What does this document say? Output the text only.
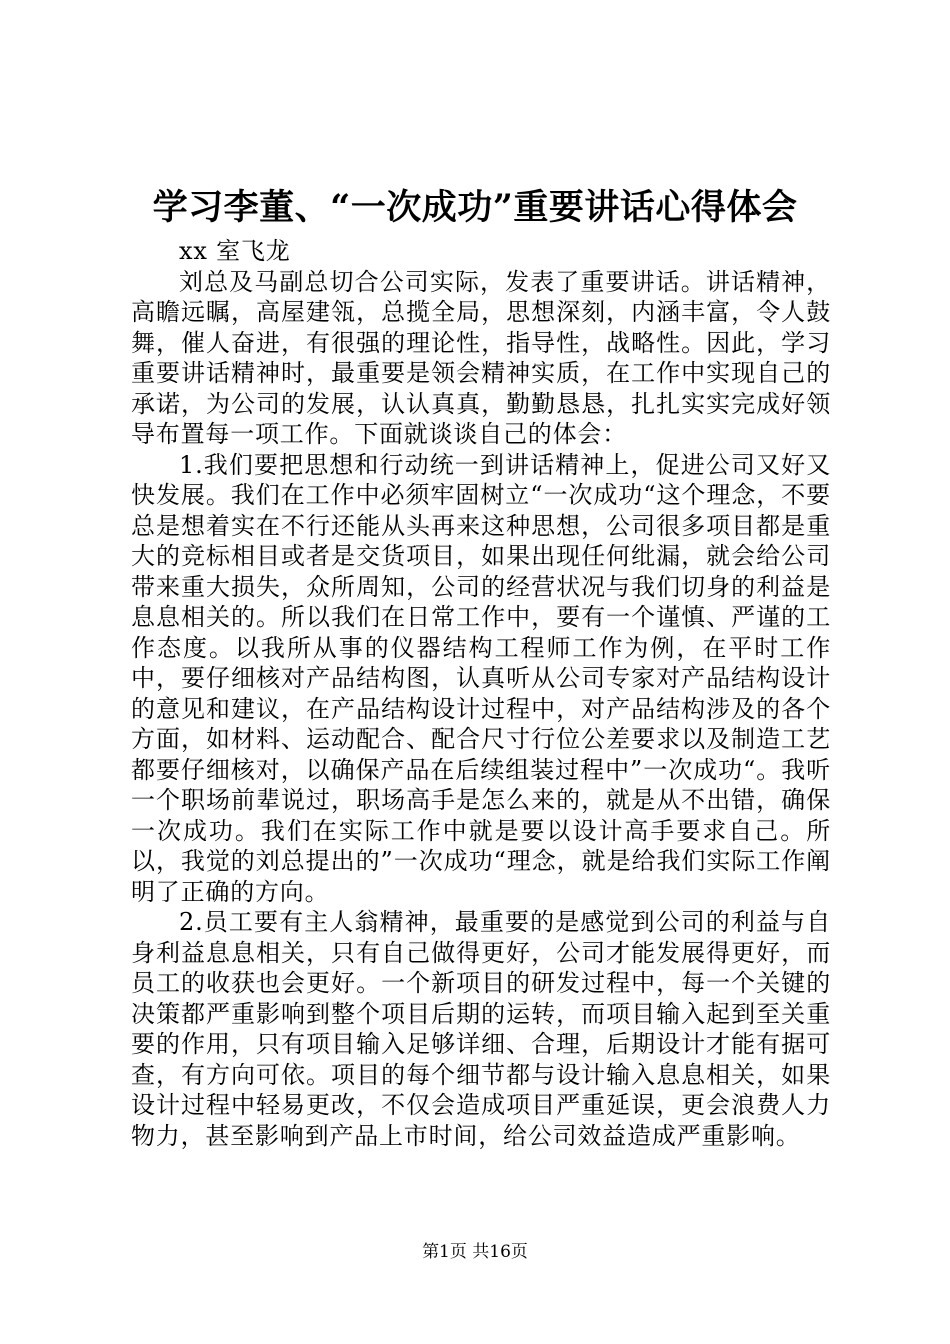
学习李董、“一次成功”重要讲话心得体会
xx 室飞龙

刘总及马副总切合公司实际，发表了重要讲话。讲话精神，高瞻远瞩，高屋建瓴，总揽全局，思想深刻，内涵丰富，令人鼓舞，催人奋进，有很强的理论性，指导性，战略性。因此，学习重要讲话精神时，最重要是领会精神实质，在工作中实现自己的承诺，为公司的发展，认认真真，勤勤恳恳，扎扎实实完成好领导布置每一项工作。下面就谈谈自己的体会：

1.我们要把思想和行动统一到讲话精神上，促进公司又好又快发展。我们在工作中必须牢固树立“一次成功“这个理念，不要总是想着实在不行还能从头再来这种思想，公司很多项目都是重大的竞标相目或者是交货项目，如果出现任何纰漏，就会给公司带来重大损失，众所周知，公司的经营状况与我们切身的利益是息息相关的。所以我们在日常工作中，要有一个谨慎、严谨的工作态度。以我所从事的仪器结构工程师工作为例，在平时工作中，要仔细核对产品结构图，认真听从公司专家对产品结构设计的意见和建议，在产品结构设计过程中，对产品结构涉及的各个方面，如材料、运动配合、配合尺寸行位公差要求以及制造工艺都要仔细核对，以确保产品在后续组装过程中”一次成功“。我听一个职场前辈说过，职场高手是怎么来的，就是从不出错，确保一次成功。我们在实际工作中就是要以设计高手要求自己。所以，我觉的刘总提出的”一次成功“理念，就是给我们实际工作阐明了正确的方向。

2.员工要有主人翁精神，最重要的是感觉到公司的利益与自身利益息息相关，只有自己做得更好，公司才能发展得更好，而员工的收获也会更好。一个新项目的研发过程中，每一个关键的决策都严重影响到整个项目后期的运转，而项目输入起到至关重要的作用，只有项目输入足够详细、合理，后期设计才能有据可查，有方向可依。项目的每个细节都与设计输入息息相关，如果设计过程中轻易更改，不仅会造成项目严重延误，更会浪费人力物力，甚至影响到产品上市时间，给公司效益造成严重影响。

第1页 共16页
